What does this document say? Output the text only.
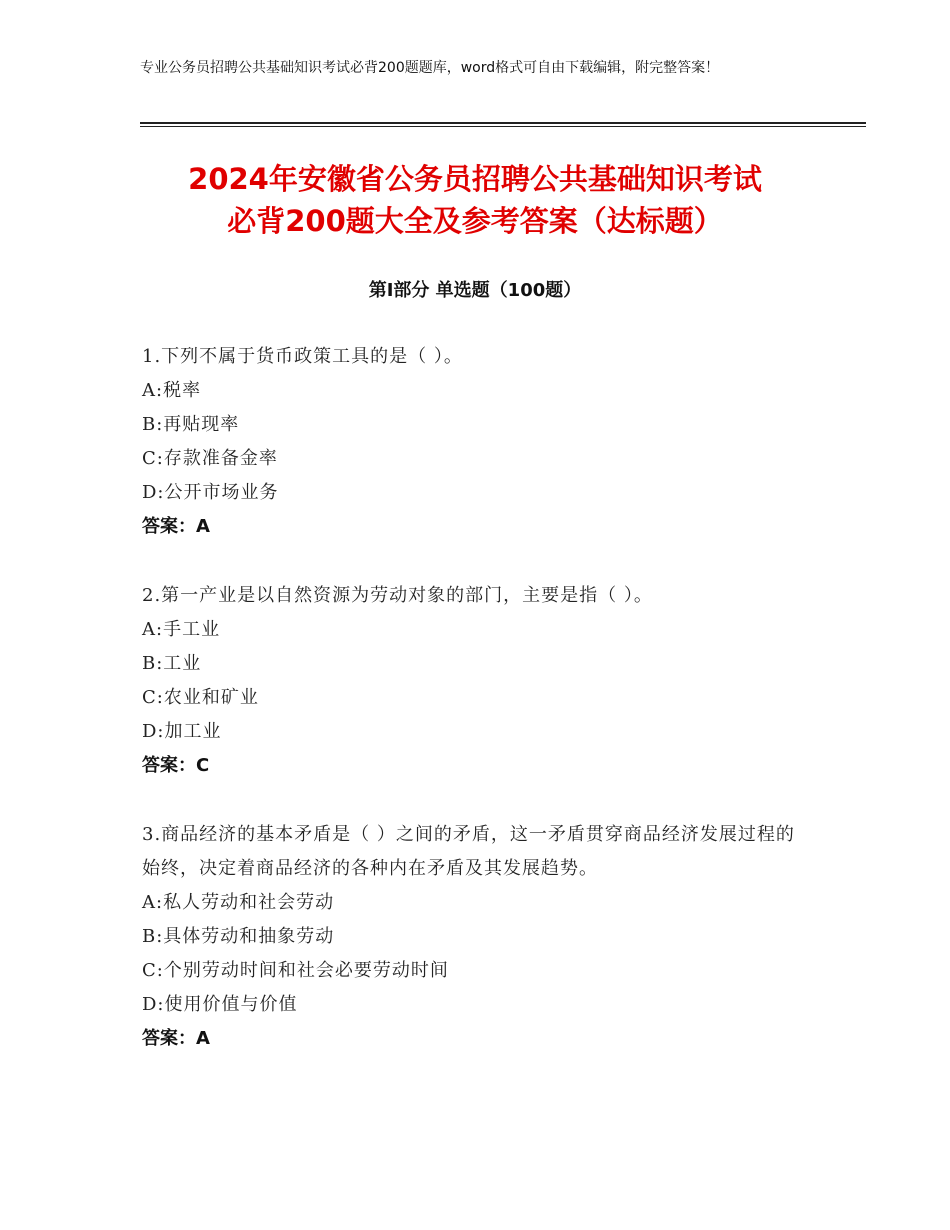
专业公务员招聘公共基础知识考试必背200题题库，word格式可自由下载编辑，附完整答案！
2024年安徽省公务员招聘公共基础知识考试
必背200题大全及参考答案（达标题）
第Ⅰ部分 单选题（100题）
1.下列不属于货币政策工具的是（ ）。
A:税率
B:再贴现率
C:存款准备金率
D:公开市场业务
答案：A
2.第一产业是以自然资源为劳动对象的部门，主要是指（ ）。
A:手工业
B:工业
C:农业和矿业
D:加工业
答案：C
3.商品经济的基本矛盾是（ ）之间的矛盾，这一矛盾贯穿商品经济发展过程的始终，决定着商品经济的各种内在矛盾及其发展趋势。
A:私人劳动和社会劳动
B:具体劳动和抽象劳动
C:个别劳动时间和社会必要劳动时间
D:使用价值与价值
答案：A
